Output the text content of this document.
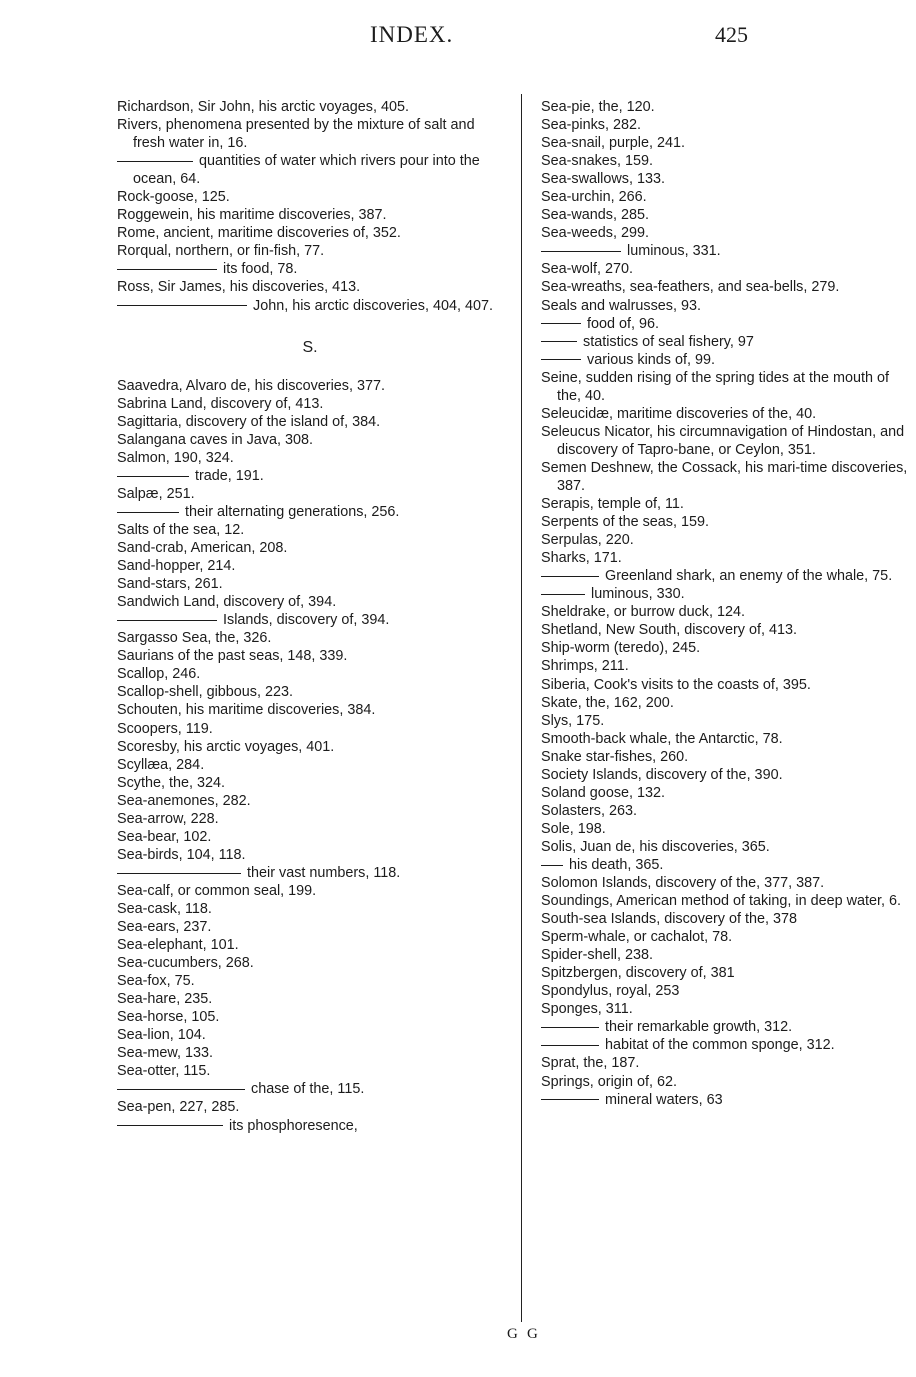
INDEX.	425

Richardson, Sir John, his arctic voyages, 405.

Rivers, phenomena presented by the mixture of salt and fresh water in, 16.

quantities of water which rivers pour into the ocean, 64.

Rock-goose, 125.

Roggewein, his maritime discoveries, 387.

Rome, ancient, maritime discoveries of, 352.

Rorqual, northern, or fin-fish, 77.

its food, 78.

Ross, Sir James, his discoveries, 413.

John, his arctic discoveries, 404, 407.

S.

Saavedra, Alvaro de, his discoveries, 377.

Sabrina Land, discovery of, 413.

Sagittaria, discovery of the island of, 384.

Salangana caves in Java, 308.

Salmon, 190, 324.

trade, 191.

Salpæ, 251.

their alternating generations, 256.

Salts of the sea, 12.

Sand-crab, American, 208.

Sand-hopper, 214.

Sand-stars, 261.

Sandwich Land, discovery of, 394.

Islands, discovery of, 394.

Sargasso Sea, the, 326.

Saurians of the past seas, 148, 339.

Scallop, 246.

Scallop-shell, gibbous, 223.

Schouten, his maritime discoveries, 384.

Scoopers, 119.

Scoresby, his arctic voyages, 401.

Scyllæa, 284.

Scythe, the, 324.

Sea-anemones, 282.

Sea-arrow, 228.

Sea-bear, 102.

Sea-birds, 104, 118.

their vast numbers, 118.

Sea-calf, or common seal, 199.

Sea-cask, 118.

Sea-ears, 237.

Sea-elephant, 101.

Sea-cucumbers, 268.

Sea-fox, 75.

Sea-hare, 235.

Sea-horse, 105.

Sea-lion, 104.

Sea-mew, 133.

Sea-otter, 115.

chase of the, 115.

Sea-pen, 227, 285.

its phosphoresence,

Sea-pie, the, 120.

Sea-pinks, 282.

Sea-snail, purple, 241.

Sea-snakes, 159.

Sea-swallows, 133.

Sea-urchin, 266.

Sea-wands, 285.

Sea-weeds, 299.

luminous, 331.

Sea-wolf, 270.

Sea-wreaths, sea-feathers, and sea-bells, 279.

Seals and walrusses, 93.

food of, 96.

statistics of seal fishery, 97

various kinds of, 99.

Seine, sudden rising of the spring tides at the mouth of the, 40.

Seleucidæ, maritime discoveries of the, 40.

Seleucus Nicator, his circumnavigation of Hindostan, and discovery of Tapro-bane, or Ceylon, 351.

Semen Deshnew, the Cossack, his mari-time discoveries, 387.

Serapis, temple of, 11.

Serpents of the seas, 159.

Serpulas, 220.

Sharks, 171.

Greenland shark, an enemy of the whale, 75.

luminous, 330.

Sheldrake, or burrow duck, 124.

Shetland, New South, discovery of, 413.

Ship-worm (teredo), 245.

Shrimps, 211.

Siberia, Cook's visits to the coasts of, 395.

Skate, the, 162, 200.

Slys, 175.

Smooth-back whale, the Antarctic, 78.

Snake star-fishes, 260.

Society Islands, discovery of the, 390.

Soland goose, 132.

Solasters, 263.

Sole, 198.

Solis, Juan de, his discoveries, 365.

his death, 365.

Solomon Islands, discovery of the, 377, 387.

Soundings, American method of taking, in deep water, 6.

South-sea Islands, discovery of the, 378

Sperm-whale, or cachalot, 78.

Spider-shell, 238.

Spitzbergen, discovery of, 381

Spondylus, royal, 253

Sponges, 311.

their remarkable growth, 312.

habitat of the common sponge, 312.

Sprat, the, 187.

Springs, origin of, 62.

mineral waters, 63

G G
